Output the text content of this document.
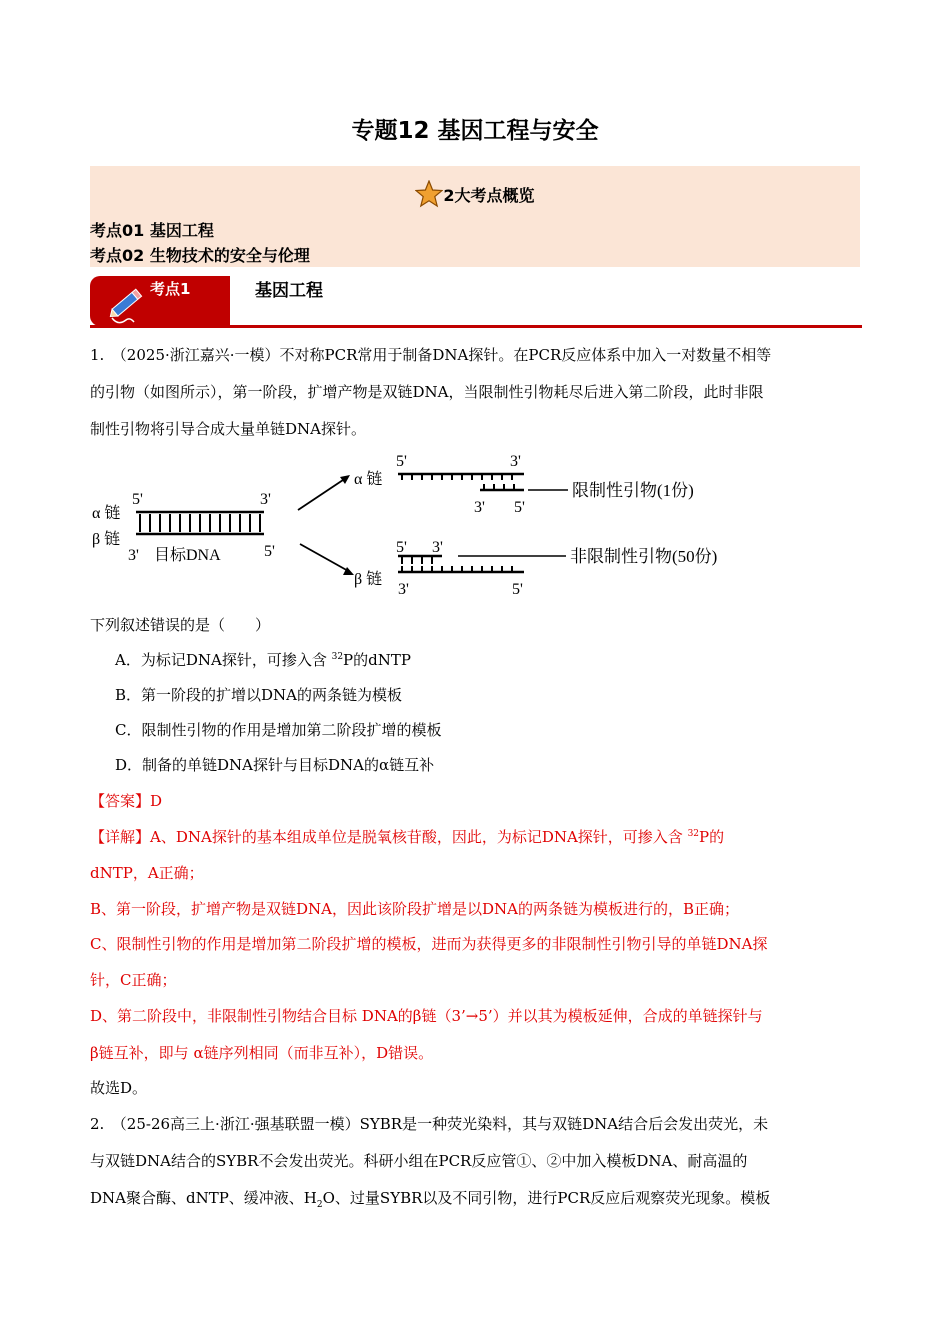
专题12 基因工程与安全
2大考点概览
考点01 基因工程
考点02 生物技术的安全与伦理
考点1	基因工程
1.　（2025·浙江嘉兴·一模）不对称PCR常用于制备DNA探针。在PCR反应体系中加入一对数量不相等
的引物（如图所示），第一阶段，扩增产物是双链DNA，当限制性引物耗尽后进入第二阶段，此时非限
制性引物将引导合成大量单链DNA探针。
α 链
β 链
5'	3'
3' 目标DNA	5'
α 链
5'	3'
3' 5'
限制性引物(1份)
β 链
5' 3'
3'	5'
非限制性引物(50份)
下列叙述错误的是（　　）
A．为标记DNA探针，可掺入含 $^{32}$P的dNTP
B．第一阶段的扩增以DNA的两条链为模板
C．限制性引物的作用是增加第二阶段扩增的模板
D．制备的单链DNA探针与目标DNA的α链互补
【答案】D
【详解】A、DNA探针的基本组成单位是脱氧核苷酸，因此，为标记DNA探针，可掺入含 $^{32}$P的
dNTP，A正确；
B、第一阶段，扩增产物是双链DNA，因此该阶段扩增是以DNA的两条链为模板进行的，B正确；
C、限制性引物的作用是增加第二阶段扩增的模板，进而为获得更多的非限制性引物引导的单链DNA探
针，C正确；
D、第二阶段中，非限制性引物结合目标 DNA的β链（3’→5’）并以其为模板延伸，合成的单链探针与
β链互补，即与 α链序列相同（而非互补），D错误。
故选D。
2.　（25-26高三上·浙江·强基联盟一模）SYBR是一种荧光染料，其与双链DNA结合后会发出荧光，未
与双链DNA结合的SYBR不会发出荧光。科研小组在PCR反应管①、②中加入模板DNA、耐高温的
DNA聚合酶、dNTP、缓冲液、$H_2O$、过量SYBR以及不同引物，进行PCR反应后观察荧光现象。模板
